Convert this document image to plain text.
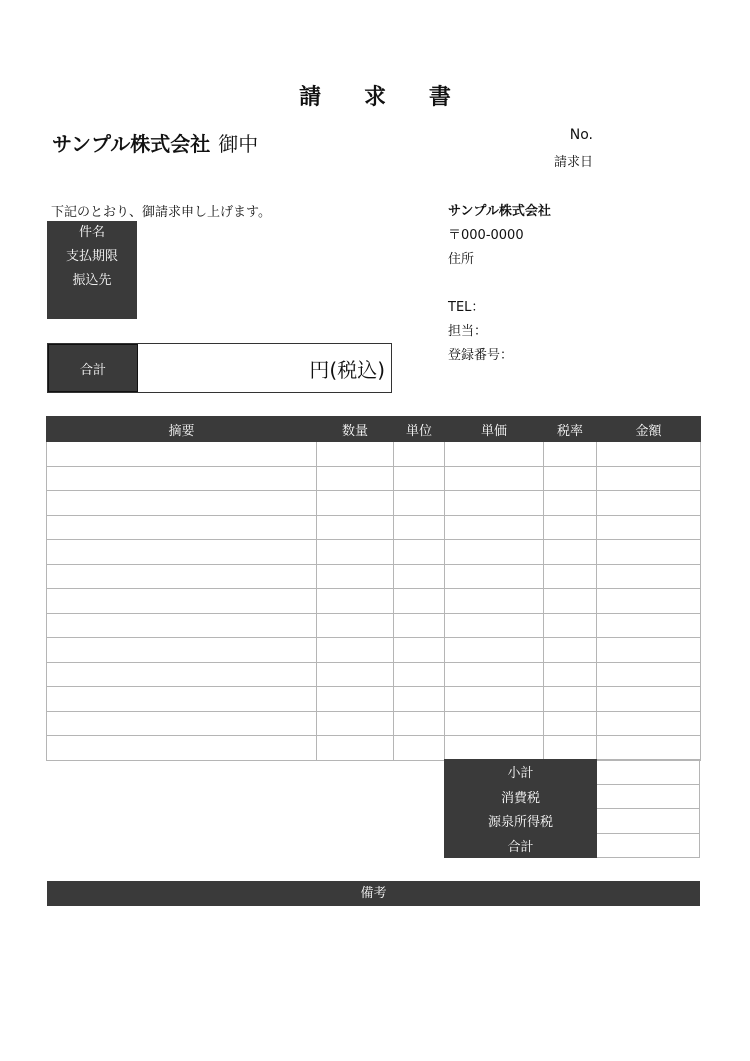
請 求 書
サンプル株式会社 御中	No.
請求日
下記のとおり、御請求申し上げます。
件名
支払期限
振込先
合計	円(税込)
サンプル株式会社
〒000-0000
住所
TEL：
担当：
登録番号：
摘要	数量	単位	単価	税率	金額

小計	
消費税	
源泉所得税	
合計	
備考
